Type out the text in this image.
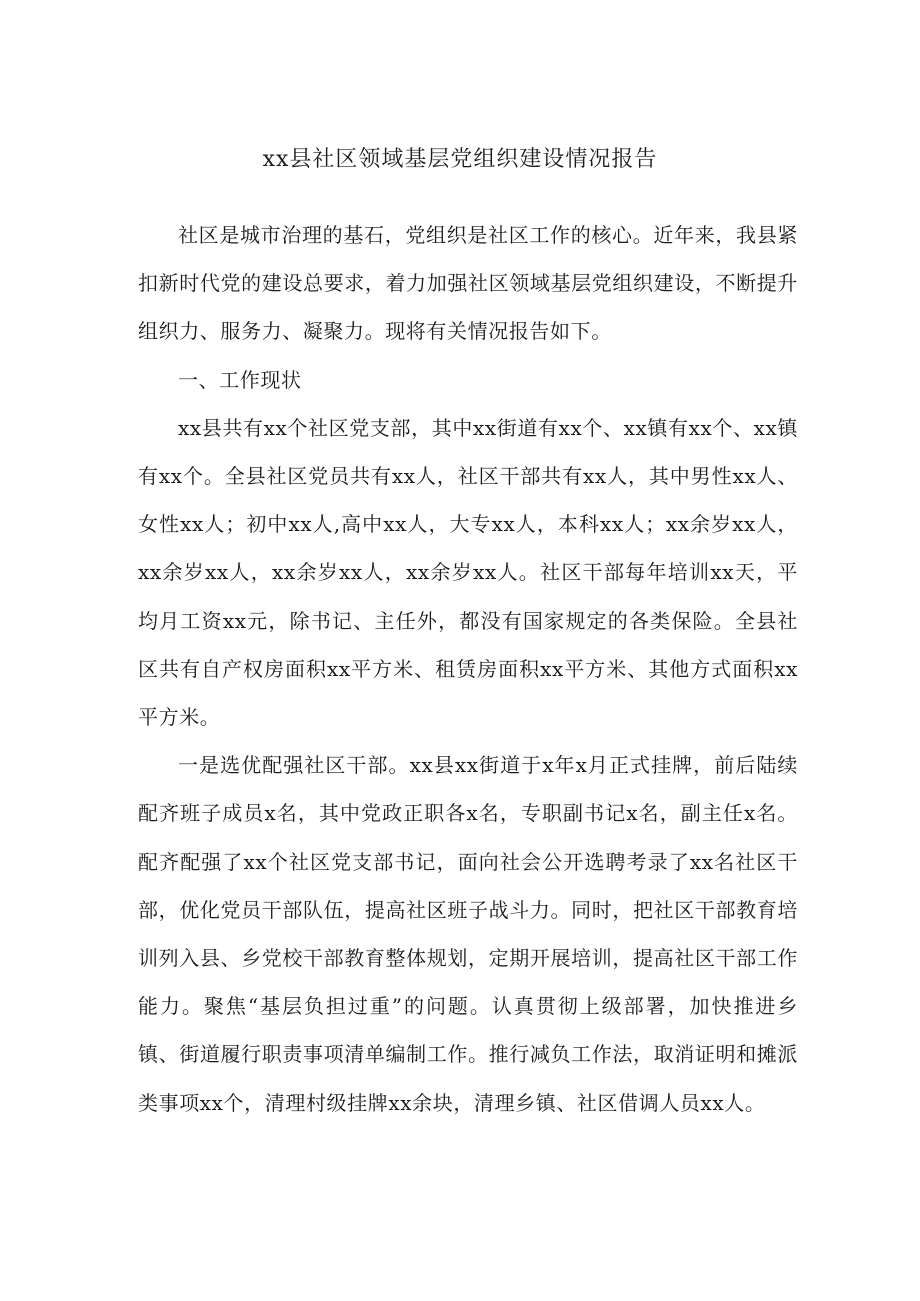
xx县社区领域基层党组织建设情况报告

社区是城市治理的基石，党组织是社区工作的核心。近年来，我县紧扣新时代党的建设总要求，着力加强社区领域基层党组织建设，不断提升组织力、服务力、凝聚力。现将有关情况报告如下。

一、工作现状

xx县共有xx个社区党支部，其中xx街道有xx个、xx镇有xx个、xx镇有xx个。全县社区党员共有xx人，社区干部共有xx人，其中男性xx人、女性xx人；初中xx人,高中xx人，大专xx人，本科xx人；xx余岁xx人，xx余岁xx人，xx余岁xx人，xx余岁xx人。社区干部每年培训xx天，平均月工资xx元，除书记、主任外，都没有国家规定的各类保险。全县社区共有自产权房面积xx平方米、租赁房面积xx平方米、其他方式面积xx平方米。

一是选优配强社区干部。xx县xx街道于x年x月正式挂牌，前后陆续配齐班子成员x名，其中党政正职各x名，专职副书记x名，副主任x名。配齐配强了xx个社区党支部书记，面向社会公开选聘考录了xx名社区干部，优化党员干部队伍，提高社区班子战斗力。同时，把社区干部教育培训列入县、乡党校干部教育整体规划，定期开展培训，提高社区干部工作能力。聚焦“基层负担过重”的问题。认真贯彻上级部署，加快推进乡镇、街道履行职责事项清单编制工作。推行减负工作法，取消证明和摊派类事项xx个，清理村级挂牌xx余块，清理乡镇、社区借调人员xx人。
